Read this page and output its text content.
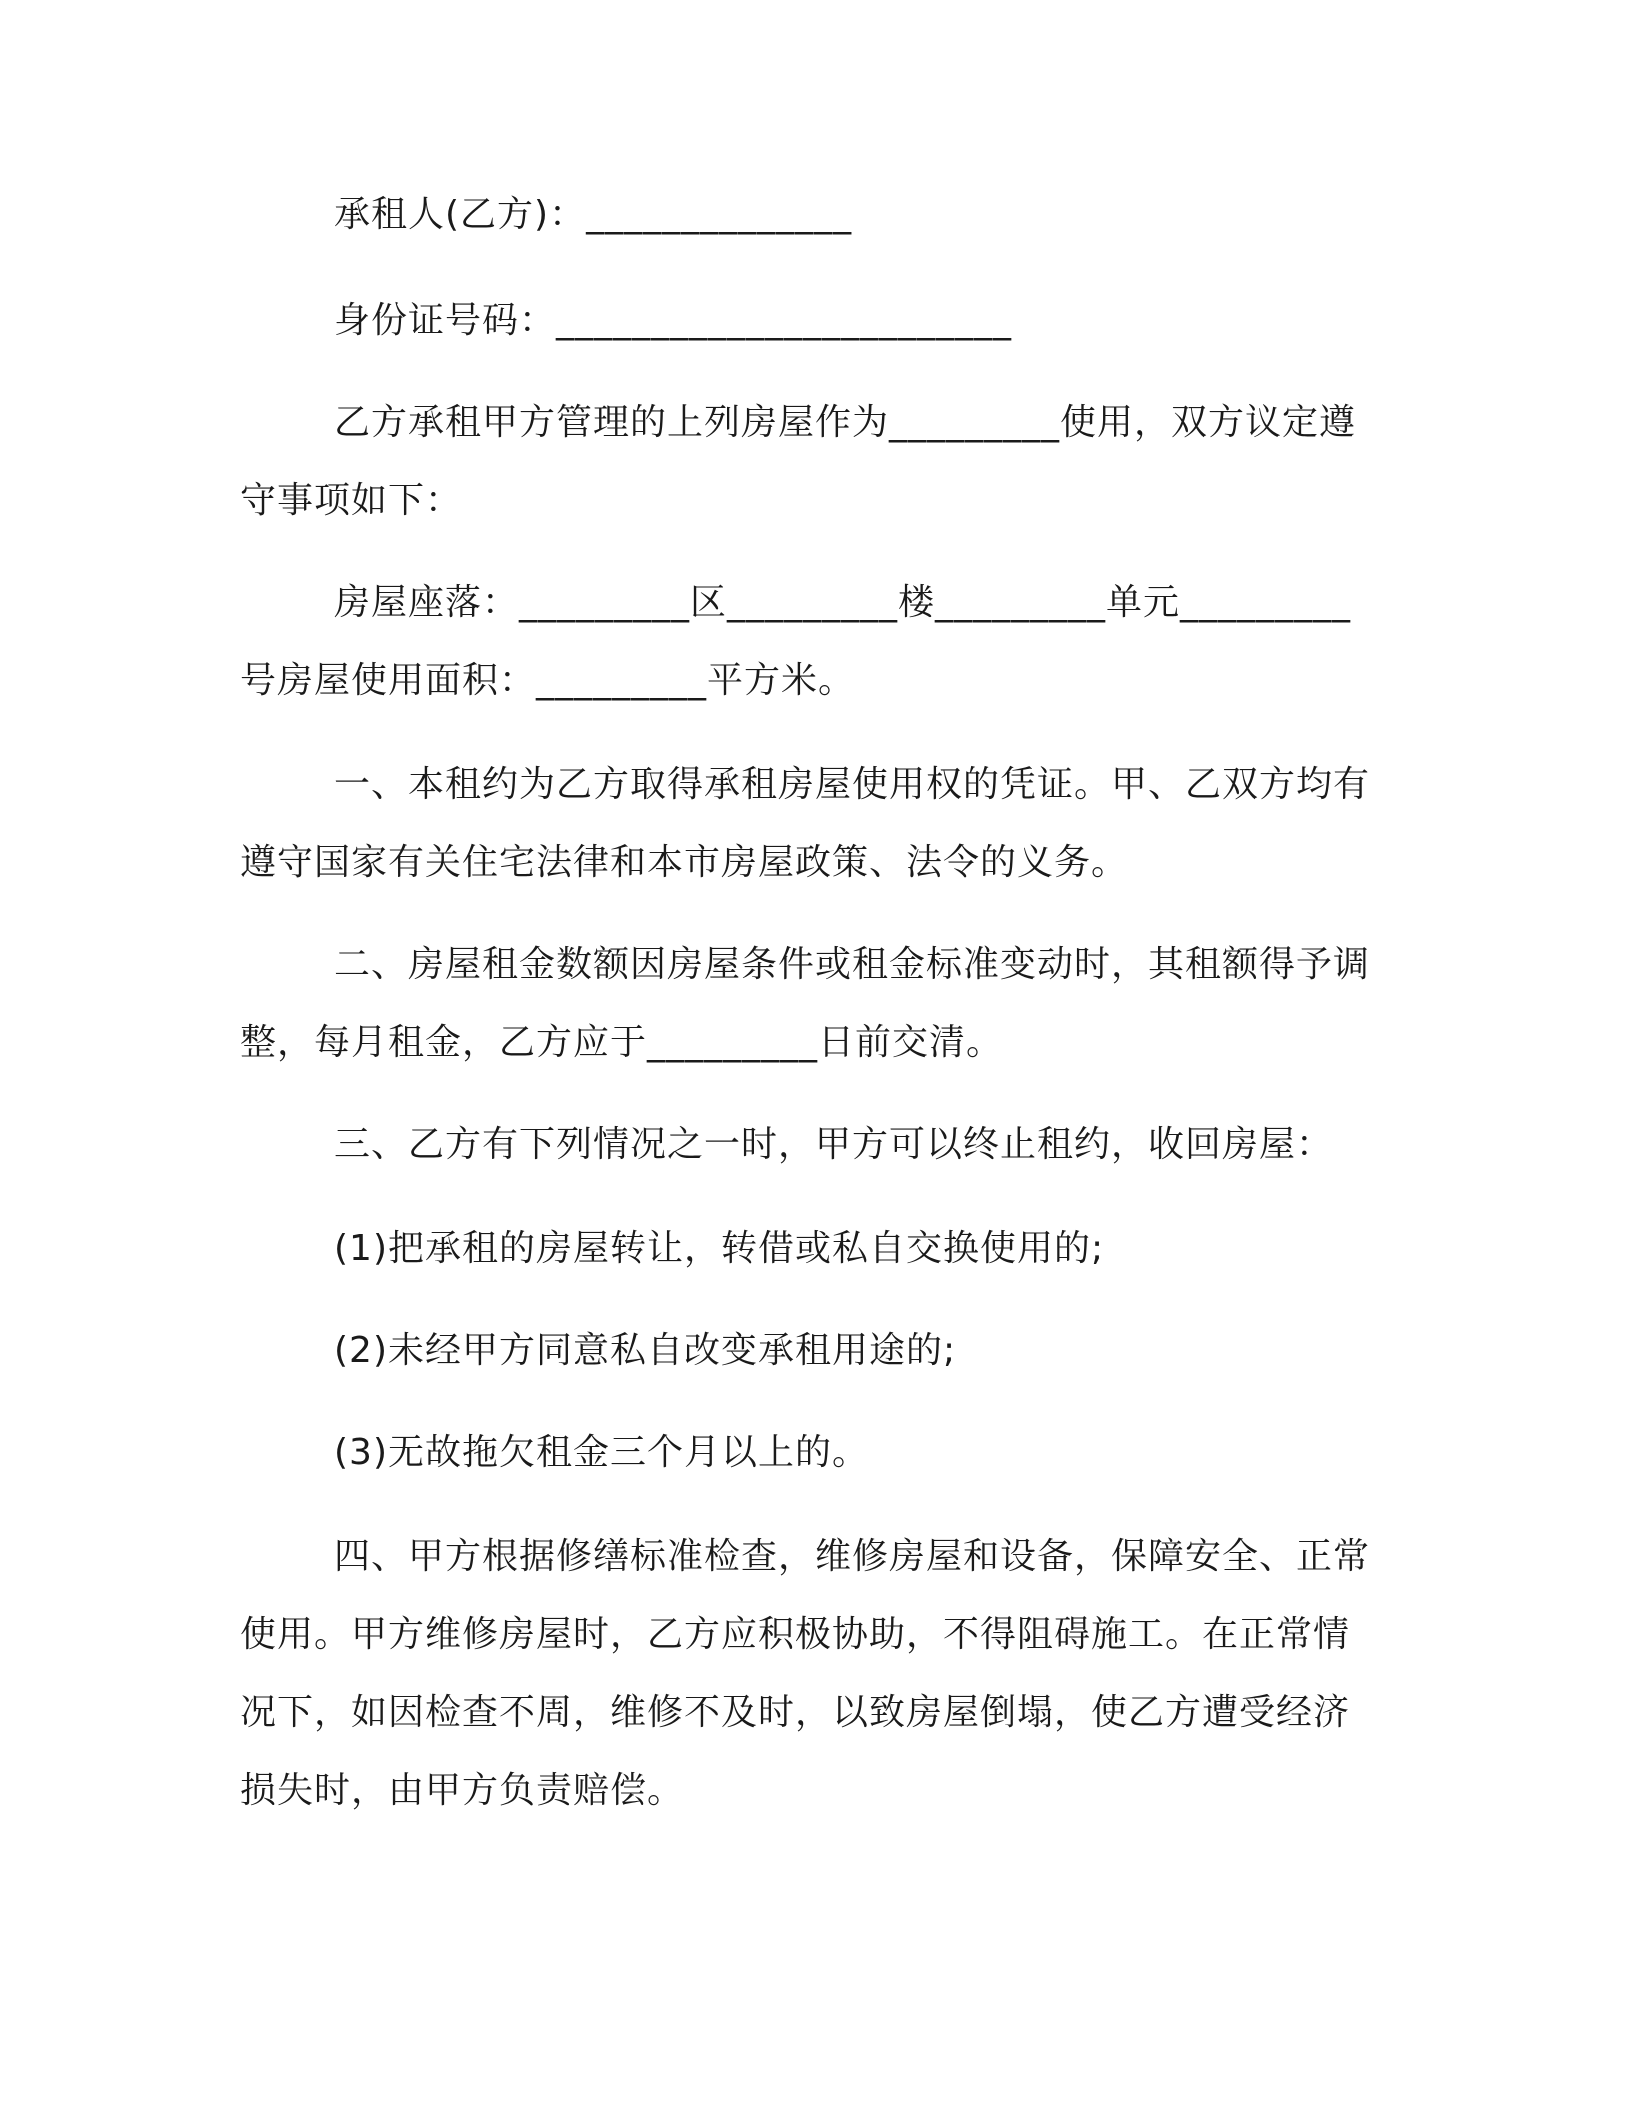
承租人(乙方)：______________

身份证号码：________________________

乙方承租甲方管理的上列房屋作为_________使用，双方议定遵守事项如下：

房屋座落：_________区_________楼_________单元_________号房屋使用面积：_________平方米。

一、本租约为乙方取得承租房屋使用权的凭证。甲、乙双方均有遵守国家有关住宅法律和本市房屋政策、法令的义务。

二、房屋租金数额因房屋条件或租金标准变动时，其租额得予调整，每月租金，乙方应于_________日前交清。

三、乙方有下列情况之一时，甲方可以终止租约，收回房屋：

(1)把承租的房屋转让，转借或私自交换使用的;

(2)未经甲方同意私自改变承租用途的;

(3)无故拖欠租金三个月以上的。

四、甲方根据修缮标准检查，维修房屋和设备，保障安全、正常使用。甲方维修房屋时，乙方应积极协助，不得阻碍施工。在正常情况下，如因检查不周，维修不及时，以致房屋倒塌，使乙方遭受经济损失时，由甲方负责赔偿。
